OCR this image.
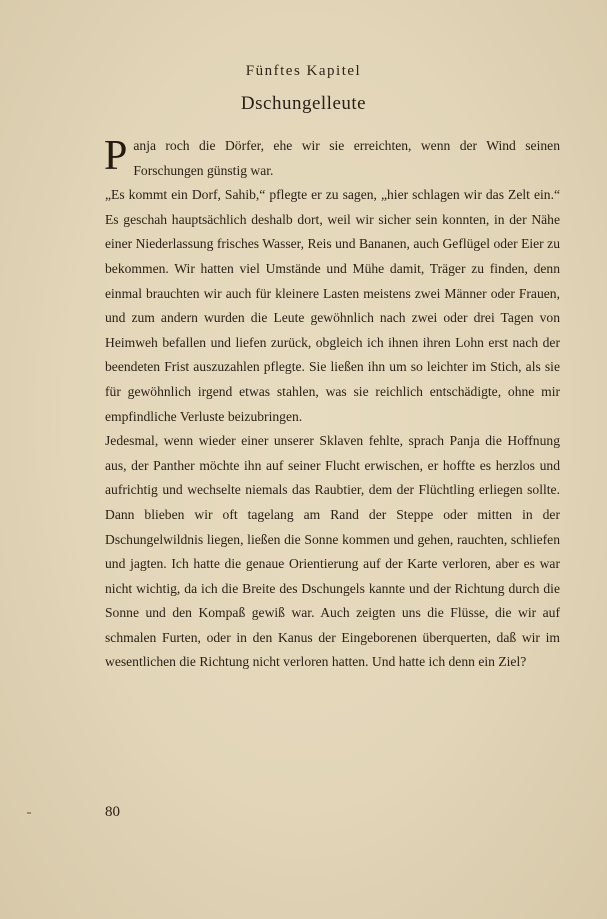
Fünftes Kapitel
Dschungelleute

Panja roch die Dörfer, ehe wir sie erreichten, wenn der Wind seinen Forschungen günstig war.

„Es kommt ein Dorf, Sahib,“ pflegte er zu sagen, „hier schlagen wir das Zelt ein.“ Es geschah hauptsächlich deshalb dort, weil wir sicher sein konnten, in der Nähe einer Niederlassung frisches Wasser, Reis und Bananen, auch Geflügel oder Eier zu bekommen. Wir hatten viel Umstände und Mühe damit, Träger zu finden, denn einmal brauchten wir auch für kleinere Lasten meistens zwei Männer oder Frauen, und zum andern wurden die Leute gewöhnlich nach zwei oder drei Tagen von Heimweh befallen und liefen zurück, obgleich ich ihnen ihren Lohn erst nach der beendeten Frist auszuzahlen pflegte. Sie ließen ihn um so leichter im Stich, als sie für gewöhnlich irgend etwas stahlen, was sie reichlich entschädigte, ohne mir empfindliche Verluste beizubringen.

Jedesmal, wenn wieder einer unserer Sklaven fehlte, sprach Panja die Hoffnung aus, der Panther möchte ihn auf seiner Flucht erwischen, er hoffte es herzlos und aufrichtig und wechselte niemals das Raubtier, dem der Flüchtling erliegen sollte. Dann blieben wir oft tagelang am Rand der Steppe oder mitten in der Dschungelwildnis liegen, ließen die Sonne kommen und gehen, rauchten, schliefen und jagten. Ich hatte die genaue Orientierung auf der Karte verloren, aber es war nicht wichtig, da ich die Breite des Dschungels kannte und der Richtung durch die Sonne und den Kompaß gewiß war. Auch zeigten uns die Flüsse, die wir auf schmalen Furten, oder in den Kanus der Eingeborenen überquerten, daß wir im wesentlichen die Richtung nicht verloren hatten. Und hatte ich denn ein Ziel?

80
